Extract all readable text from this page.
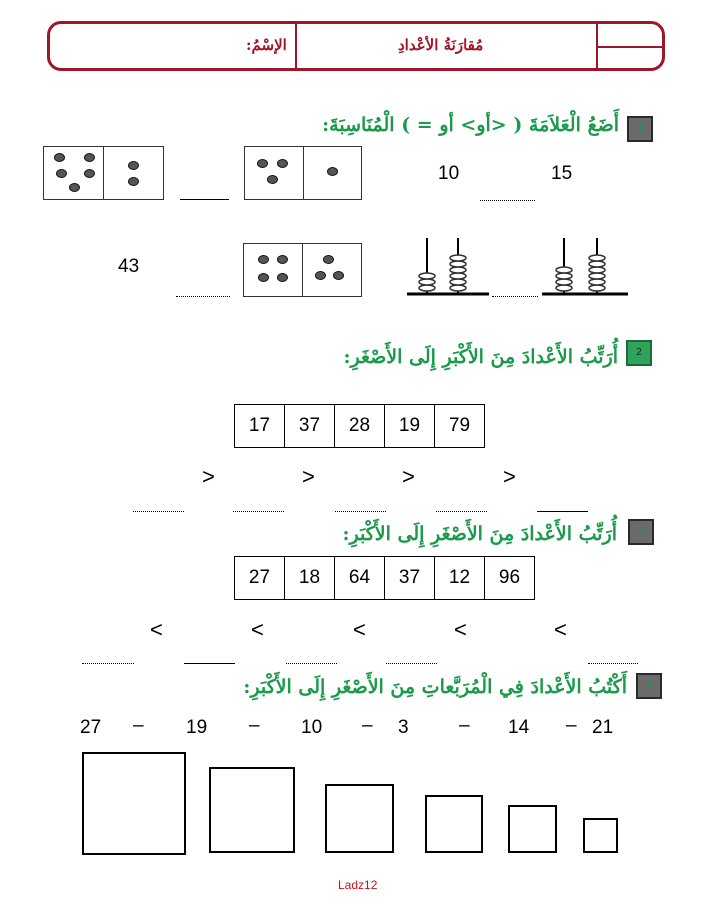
مُقارَنَةُ الأعْدادِ
الإسْمُ:
1
أَضَعُ الْعَلاَمَةَ ( <أو> أو = ) الْمُنَاسِبَةَ:
10	15
43
2
أُرَتِّبُ الأَعْدادَ مِنَ الأَكْبَرِ إِلَى الأَصْغَرِ:
17	37	28	19	79
>	>	>	>
3
أُرَتِّبُ الأَعْدادَ مِنَ الأَصْغَرِ إِلَى الأَكْبَرِ:
27	18	64	37	12	96
<	<	<	<	<
4
أَكْتُبُ الأَعْدادَ فِي الْمُرَبَّعاتِ مِنَ الأَصْغَرِ إِلَى الأَكْبَرِ:
27 – 19 – 10 – 3	– 14 – 21
Ladz12
